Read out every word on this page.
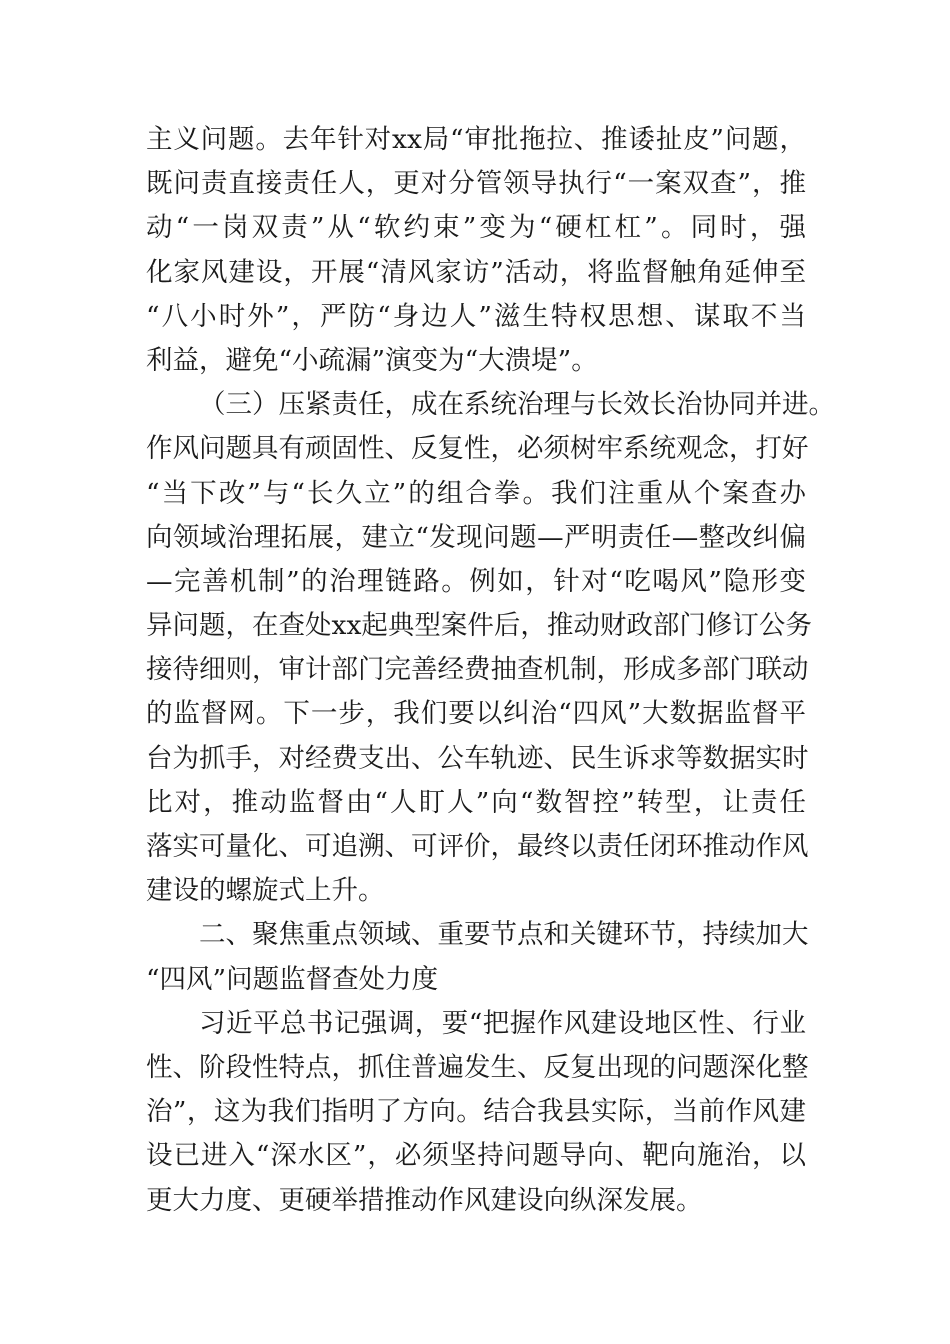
主义问题。去年针对xx局“审批拖拉、推诿扯皮”问题，
既问责直接责任人，更对分管领导执行“一案双查”，推
动“一岗双责”从“软约束”变为“硬杠杠”。同时，强
化家风建设，开展“清风家访”活动，将监督触角延伸至
“八小时外”，严防“身边人”滋生特权思想、谋取不当
利益，避免“小疏漏”演变为“大溃堤”。
（三）压紧责任，成在系统治理与长效长治协同并进。
作风问题具有顽固性、反复性，必须树牢系统观念，打好
“当下改”与“长久立”的组合拳。我们注重从个案查办
向领域治理拓展，建立“发现问题—严明责任—整改纠偏
—完善机制”的治理链路。例如，针对“吃喝风”隐形变
异问题，在查处xx起典型案件后，推动财政部门修订公务
接待细则，审计部门完善经费抽查机制，形成多部门联动
的监督网。下一步，我们要以纠治“四风”大数据监督平
台为抓手，对经费支出、公车轨迹、民生诉求等数据实时
比对，推动监督由“人盯人”向“数智控”转型，让责任
落实可量化、可追溯、可评价，最终以责任闭环推动作风
建设的螺旋式上升。
二、聚焦重点领域、重要节点和关键环节，持续加大
“四风”问题监督查处力度
习近平总书记强调，要“把握作风建设地区性、行业
性、阶段性特点，抓住普遍发生、反复出现的问题深化整
治”，这为我们指明了方向。结合我县实际，当前作风建
设已进入“深水区”，必须坚持问题导向、靶向施治，以
更大力度、更硬举措推动作风建设向纵深发展。
